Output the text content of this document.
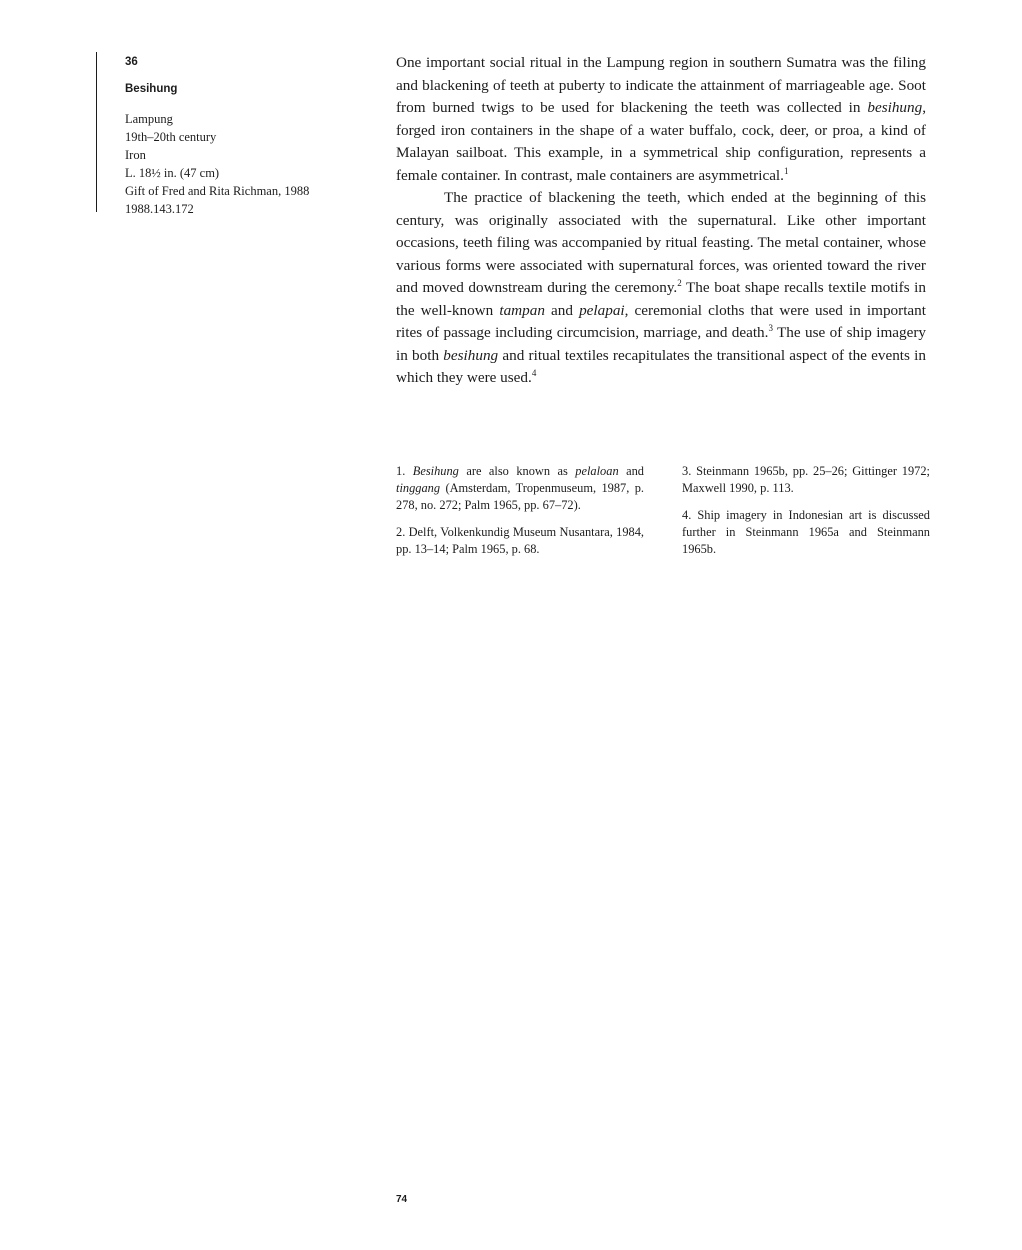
36
Besihung
Lampung
19th–20th century
Iron
L. 18½ in. (47 cm)
Gift of Fred and Rita Richman, 1988
1988.143.172

One important social ritual in the Lampung region in southern Sumatra was the filing and blackening of teeth at puberty to indicate the attainment of marriageable age. Soot from burned twigs to be used for blackening the teeth was collected in besihung, forged iron containers in the shape of a water buffalo, cock, deer, or proa, a kind of Malayan sailboat. This example, in a symmetrical ship configuration, represents a female container. In contrast, male containers are asymmetrical.$^1$

The practice of blackening the teeth, which ended at the beginning of this century, was originally associated with the supernatural. Like other important occasions, teeth filing was accompanied by ritual feasting. The metal container, whose various forms were associated with supernatural forces, was oriented toward the river and moved downstream during the ceremony.$^2$ The boat shape recalls textile motifs in the well-known tampan and pelapai, ceremonial cloths that were used in important rites of passage including circumcision, marriage, and death.$^3$ The use of ship imagery in both besihung and ritual textiles recapitulates the transitional aspect of the events in which they were used.$^4$

1. Besihung are also known as pelaloan and tinggang (Amsterdam, Tropenmuseum, 1987, p. 278, no. 272; Palm 1965, pp. 67–72).

2. Delft, Volkenkundig Museum Nusantara, 1984, pp. 13–14; Palm 1965, p. 68.

3. Steinmann 1965b, pp. 25–26; Gittinger 1972; Maxwell 1990, p. 113.

4. Ship imagery in Indonesian art is discussed further in Steinmann 1965a and Steinmann 1965b.

74
